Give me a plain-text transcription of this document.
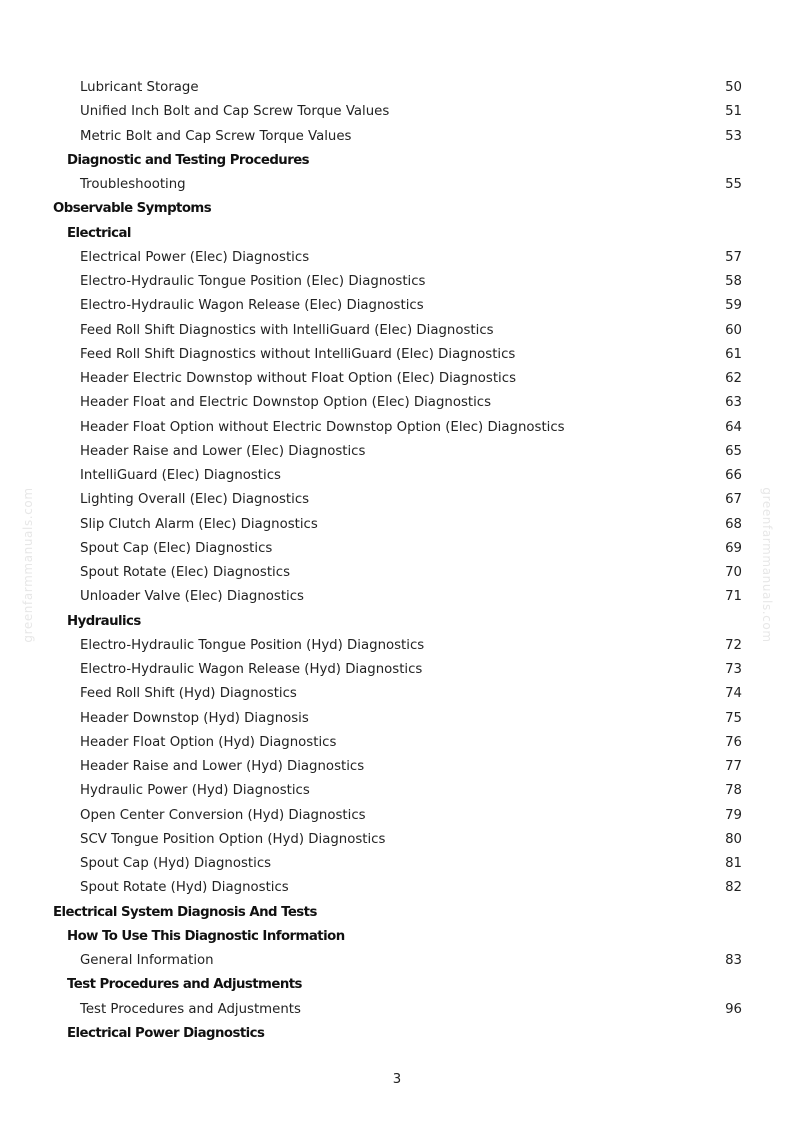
greenfarmmanuals.com	greenfarmmanuals.com
Lubricant Storage	50
Unified Inch Bolt and Cap Screw Torque Values	51
Metric Bolt and Cap Screw Torque Values	53
Diagnostic and Testing Procedures
Troubleshooting	55
Observable Symptoms
Electrical
Electrical Power (Elec) Diagnostics	57
Electro-Hydraulic Tongue Position (Elec) Diagnostics	58
Electro-Hydraulic Wagon Release (Elec) Diagnostics	59
Feed Roll Shift Diagnostics with IntelliGuard (Elec) Diagnostics	60
Feed Roll Shift Diagnostics without IntelliGuard (Elec) Diagnostics	61
Header Electric Downstop without Float Option (Elec) Diagnostics	62
Header Float and Electric Downstop Option (Elec) Diagnostics	63
Header Float Option without Electric Downstop Option (Elec) Diagnostics	64
Header Raise and Lower (Elec) Diagnostics	65
IntelliGuard (Elec) Diagnostics	66
Lighting Overall (Elec) Diagnostics	67
Slip Clutch Alarm (Elec) Diagnostics	68
Spout Cap (Elec) Diagnostics	69
Spout Rotate (Elec) Diagnostics	70
Unloader Valve (Elec) Diagnostics	71
Hydraulics
Electro-Hydraulic Tongue Position (Hyd) Diagnostics	72
Electro-Hydraulic Wagon Release (Hyd) Diagnostics	73
Feed Roll Shift (Hyd) Diagnostics	74
Header Downstop (Hyd) Diagnosis	75
Header Float Option (Hyd) Diagnostics	76
Header Raise and Lower (Hyd) Diagnostics	77
Hydraulic Power (Hyd) Diagnostics	78
Open Center Conversion (Hyd) Diagnostics	79
SCV Tongue Position Option (Hyd) Diagnostics	80
Spout Cap (Hyd) Diagnostics	81
Spout Rotate (Hyd) Diagnostics	82
Electrical System Diagnosis And Tests
How To Use This Diagnostic Information
General Information	83
Test Procedures and Adjustments
Test Procedures and Adjustments	96
Electrical Power Diagnostics
3
